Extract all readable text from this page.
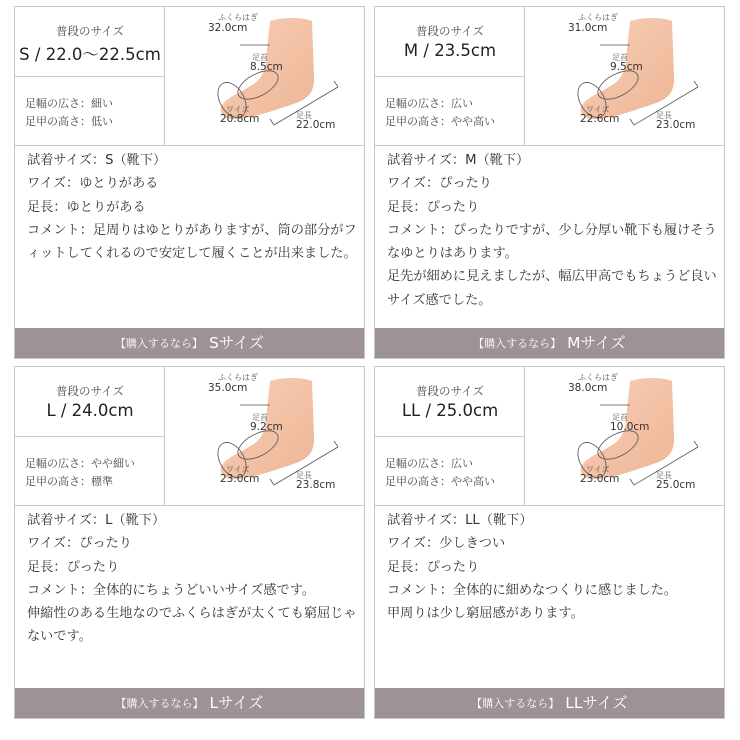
普段のサイズ
S / 22.0〜22.5cm
足幅の広さ：細い
足甲の高さ：低い
ふくらはぎ
32.0cm
足首
8.5cm
ワイズ
20.8cm	足長
22.0cm

試着サイズ：S（靴下）

ワイズ：ゆとりがある

足長：ゆとりがある

コメント：足周りはゆとりがありますが、筒の部分がフィットしてくれるので安定して履くことが出来ました。

【購入するなら】 Sサイズ
普段のサイズ
M / 23.5cm
足幅の広さ：広い
足甲の高さ：やや高い
ふくらはぎ
31.0cm
足首
9.5cm
ワイズ
22.6cm	足長
23.0cm

試着サイズ：M（靴下）

ワイズ：ぴったり

足長：ぴったり

コメント：ぴったりですが、少し分厚い靴下も履けそうなゆとりはあります。

足先が細めに見えましたが、幅広甲高でもちょうど良いサイズ感でした。

【購入するなら】 Mサイズ
普段のサイズ
L / 24.0cm
足幅の広さ：やや細い
足甲の高さ：標準
ふくらはぎ
35.0cm
足首
9.2cm
ワイズ
23.0cm	足長
23.8cm

試着サイズ：L（靴下）

ワイズ：ぴったり

足長：ぴったり

コメント：全体的にちょうどいいサイズ感です。

伸縮性のある生地なのでふくらはぎが太くても窮屈じゃないです。

【購入するなら】 Lサイズ
普段のサイズ
LL / 25.0cm
足幅の広さ：広い
足甲の高さ：やや高い
ふくらはぎ
38.0cm
足首
10.0cm
ワイズ
23.0cm	足長
25.0cm

試着サイズ：LL（靴下）

ワイズ：少しきつい

足長：ぴったり

コメント：全体的に細めなつくりに感じました。

甲周りは少し窮屈感があります。

【購入するなら】 LLサイズ
